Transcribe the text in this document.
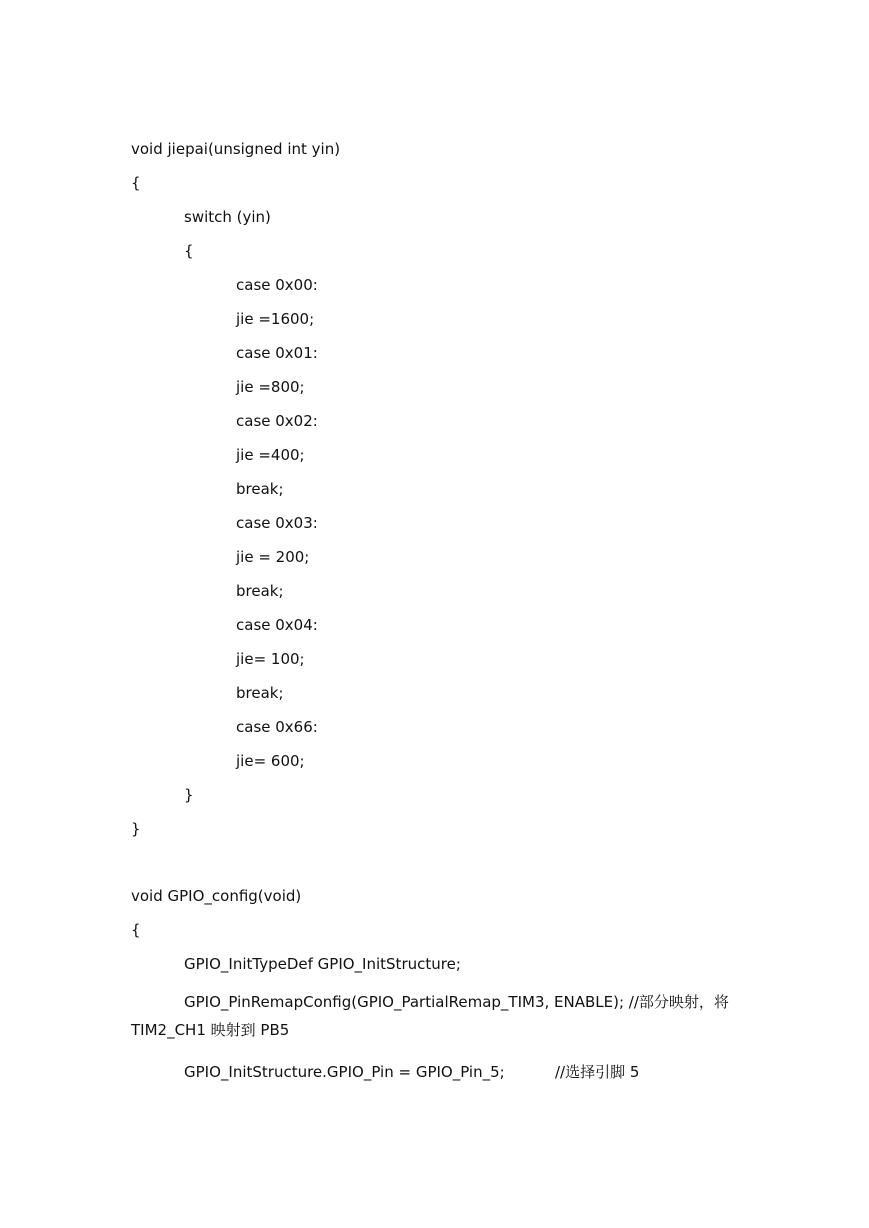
void jiepai(unsigned int yin)
{
switch (yin)
{
case 0x00:
jie =1600;
case 0x01:
jie =800;
case 0x02:
jie =400;
break;
case 0x03:
jie = 200;
break;
case 0x04:
jie= 100;
break;
case 0x66:
jie= 600;
}
}
void GPIO_config(void)
{
GPIO_InitTypeDef GPIO_InitStructure;
GPIO_PinRemapConfig(GPIO_PartialRemap_TIM3, ENABLE); //部分映射，将
TIM2_CH1 映射到 PB5
GPIO_InitStructure.GPIO_Pin = GPIO_Pin_5;	//选择引脚 5
